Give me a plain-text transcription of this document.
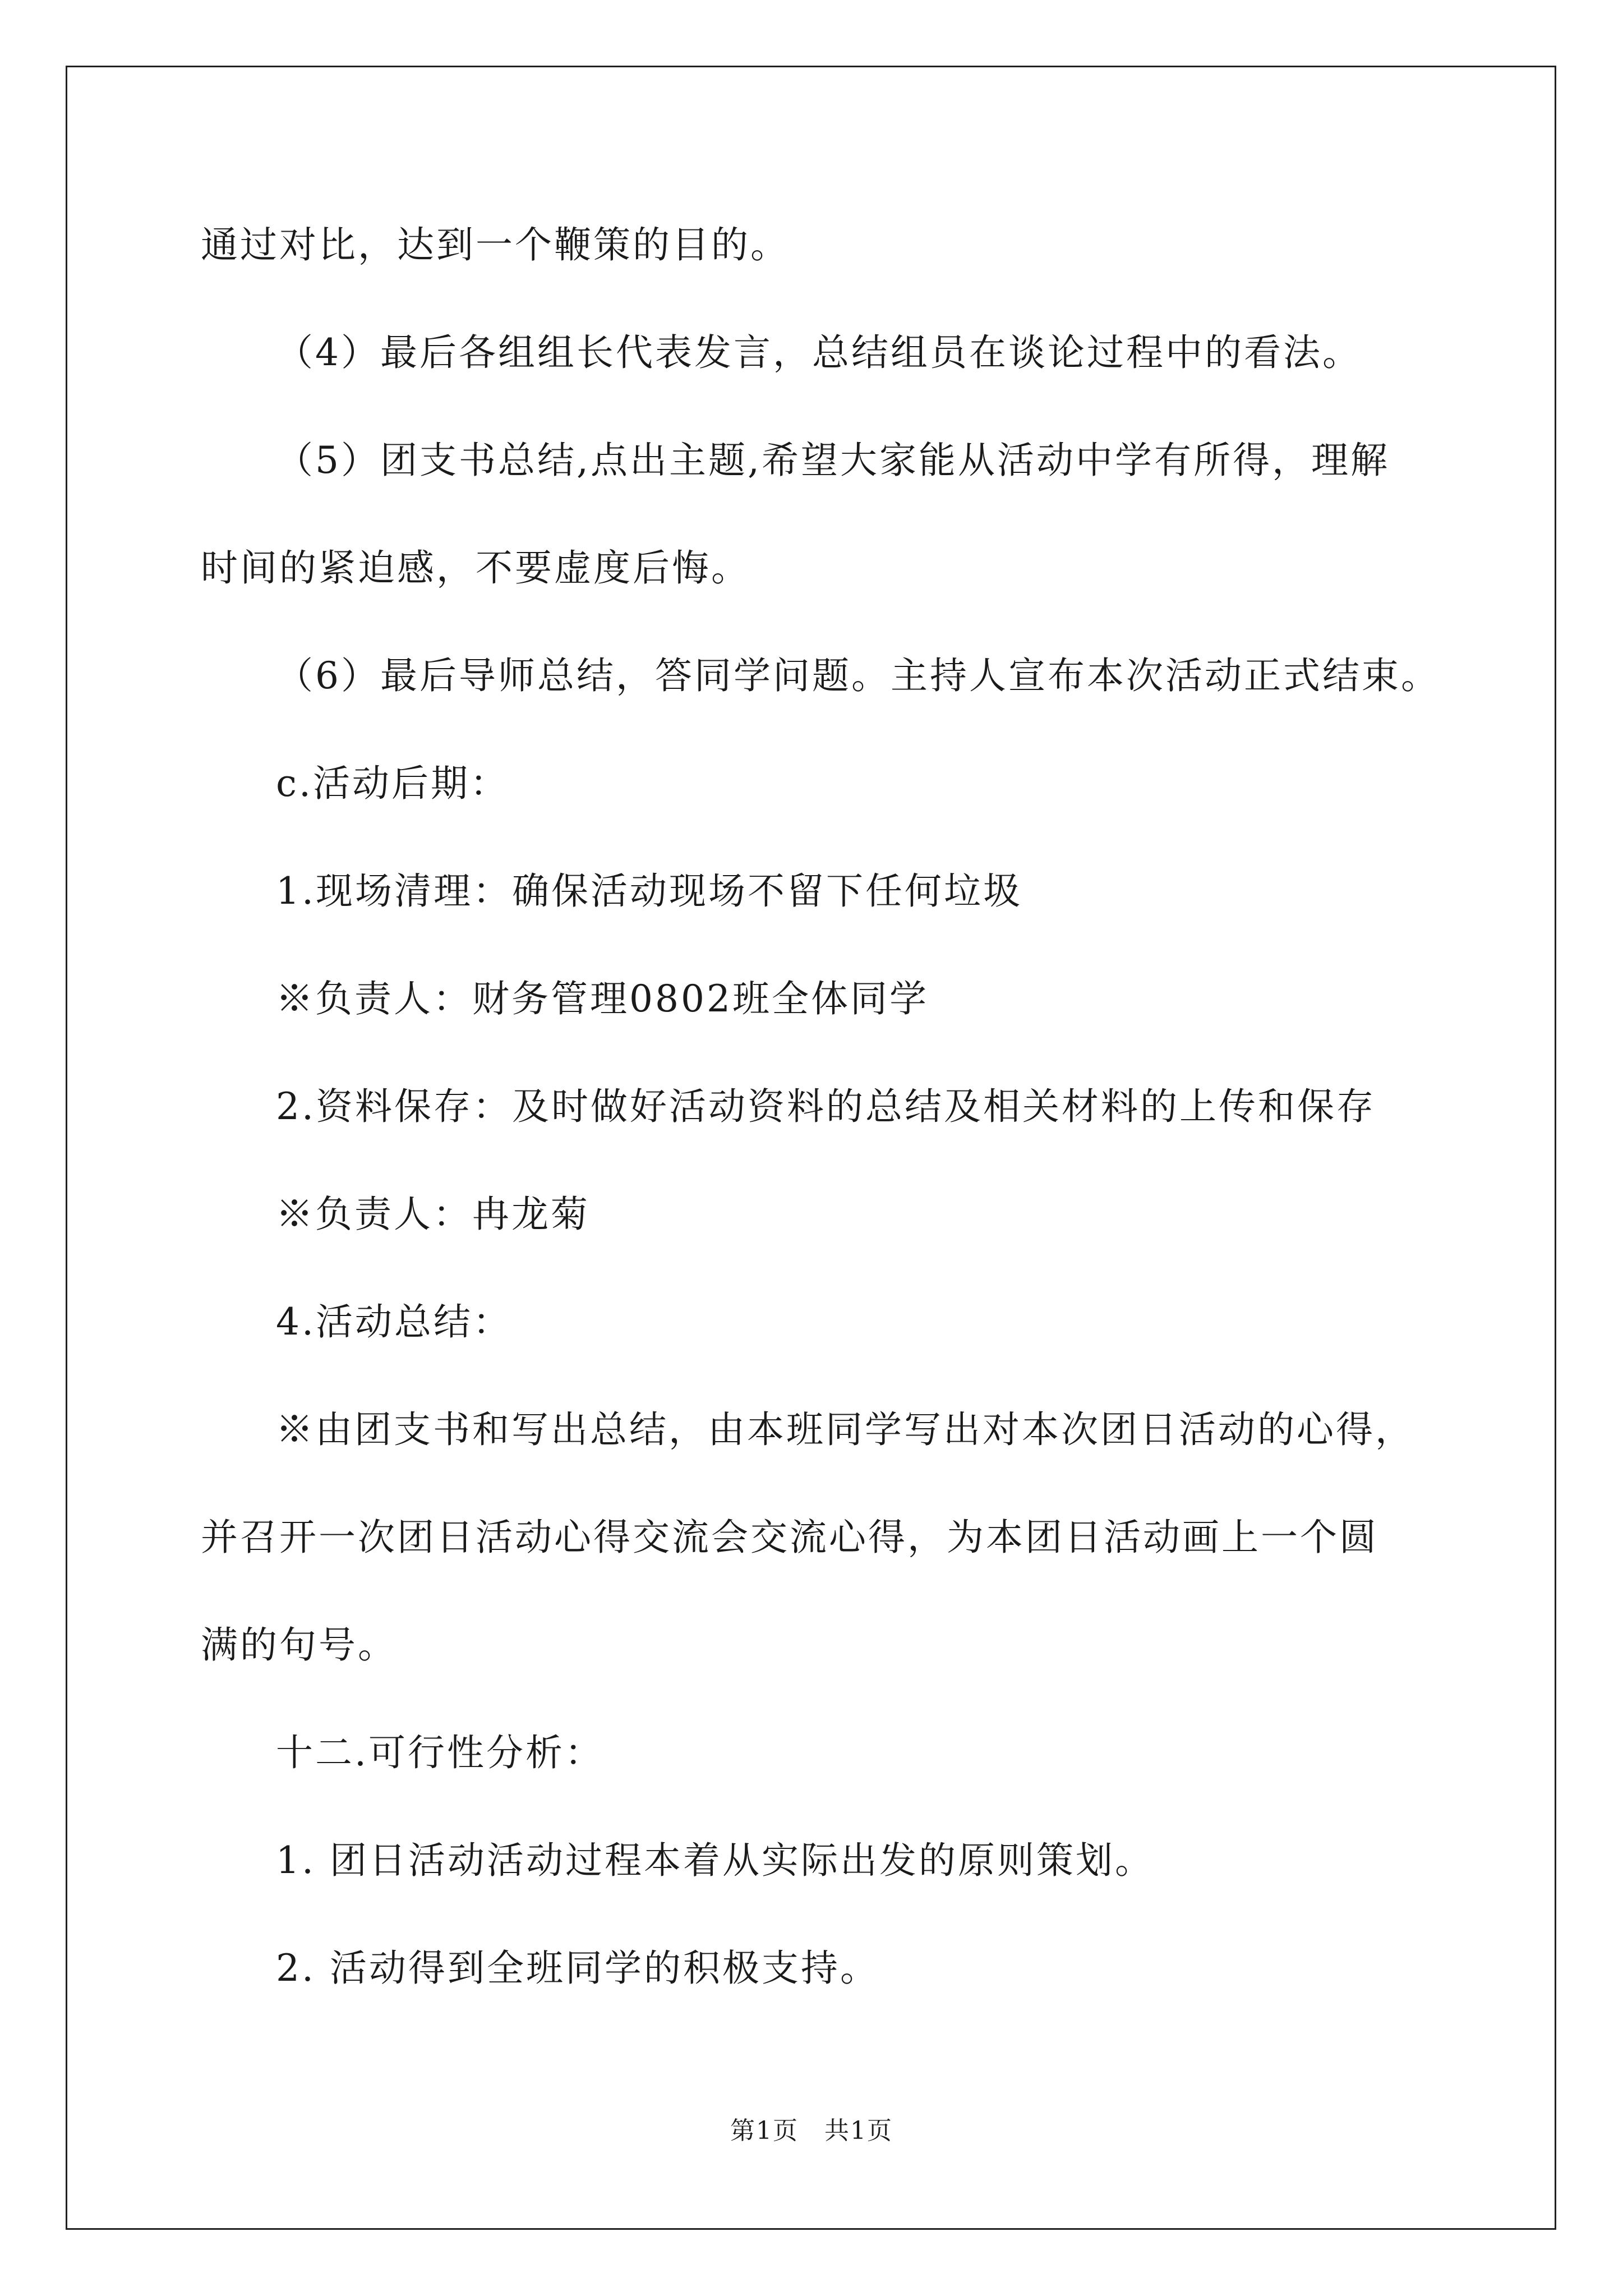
通过对比，达到一个鞭策的目的。
（4）最后各组组长代表发言，总结组员在谈论过程中的看法。
（5）团支书总结,点出主题,希望大家能从活动中学有所得，理解
时间的紧迫感，不要虚度后悔。
（6）最后导师总结，答同学问题。主持人宣布本次活动正式结束。
c.活动后期：
1.现场清理：确保活动现场不留下任何垃圾
※负责人：财务管理0802班全体同学
2.资料保存：及时做好活动资料的总结及相关材料的上传和保存
※负责人：冉龙菊
4.活动总结：
※由团支书和写出总结，由本班同学写出对本次团日活动的心得，
并召开一次团日活动心得交流会交流心得，为本团日活动画上一个圆
满的句号。
十二.可行性分析：
1. 团日活动活动过程本着从实际出发的原则策划。
2. 活动得到全班同学的积极支持。
第1页　共1页
